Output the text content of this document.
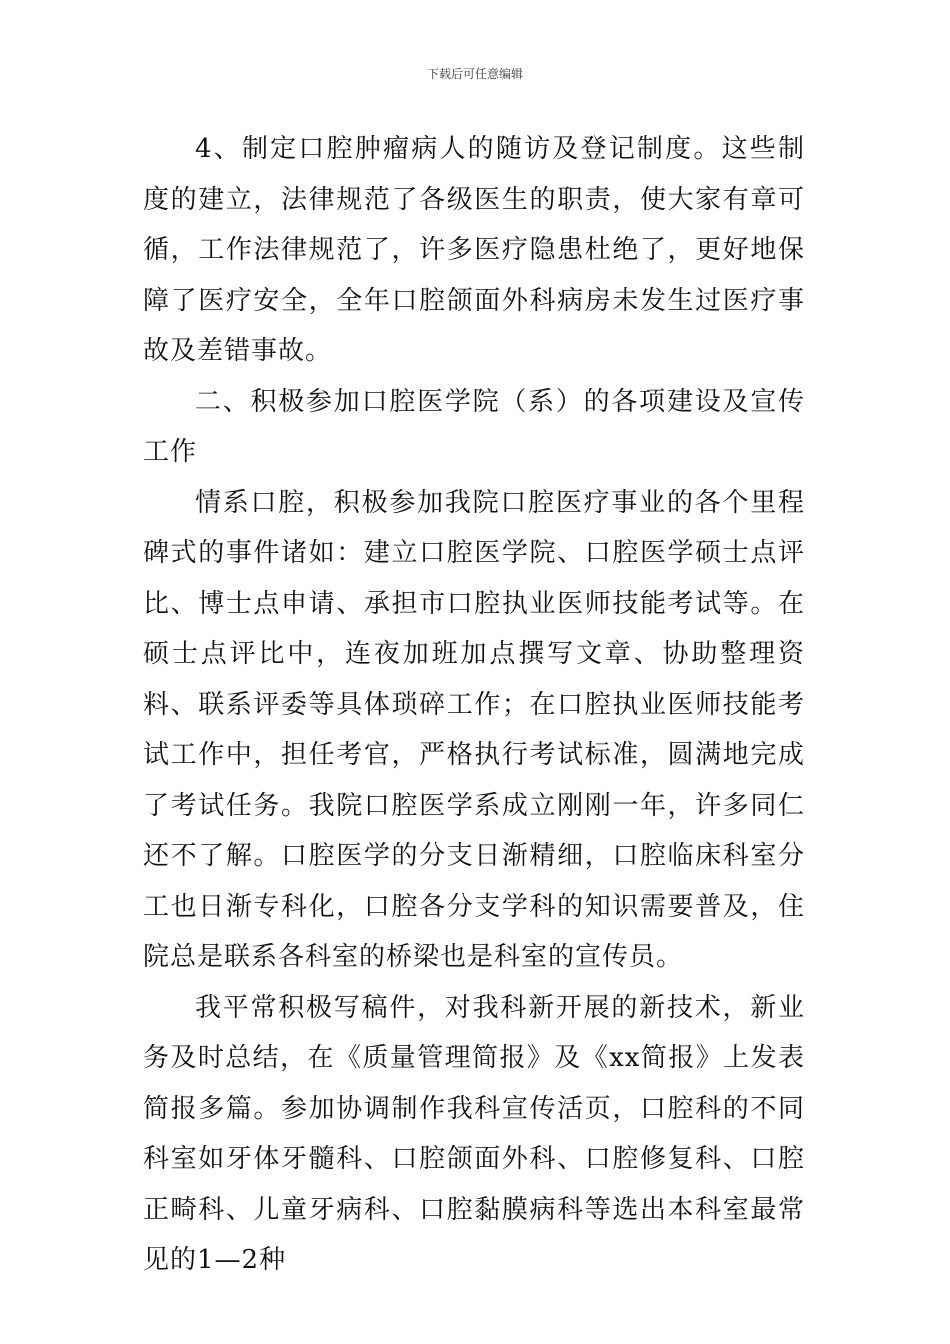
下载后可任意编辑

4、制定口腔肿瘤病人的随访及登记制度。这些制度的建立，法律规范了各级医生的职责，使大家有章可循，工作法律规范了，许多医疗隐患杜绝了，更好地保障了医疗安全，全年口腔颌面外科病房未发生过医疗事故及差错事故。

二、积极参加口腔医学院（系）的各项建设及宣传工作

情系口腔，积极参加我院口腔医疗事业的各个里程碑式的事件诸如：建立口腔医学院、口腔医学硕士点评比、博士点申请、承担市口腔执业医师技能考试等。在硕士点评比中，连夜加班加点撰写文章、协助整理资料、联系评委等具体琐碎工作；在口腔执业医师技能考试工作中，担任考官，严格执行考试标准，圆满地完成了考试任务。我院口腔医学系成立刚刚一年，许多同仁还不了解。口腔医学的分支日渐精细，口腔临床科室分工也日渐专科化，口腔各分支学科的知识需要普及，住院总是联系各科室的桥梁也是科室的宣传员。

我平常积极写稿件，对我科新开展的新技术，新业务及时总结，在《质量管理简报》及《xx简报》上发表简报多篇。参加协调制作我科宣传活页，口腔科的不同科室如牙体牙髓科、口腔颌面外科、口腔修复科、口腔正畸科、儿童牙病科、口腔黏膜病科等选出本科室最常见的1—2种
